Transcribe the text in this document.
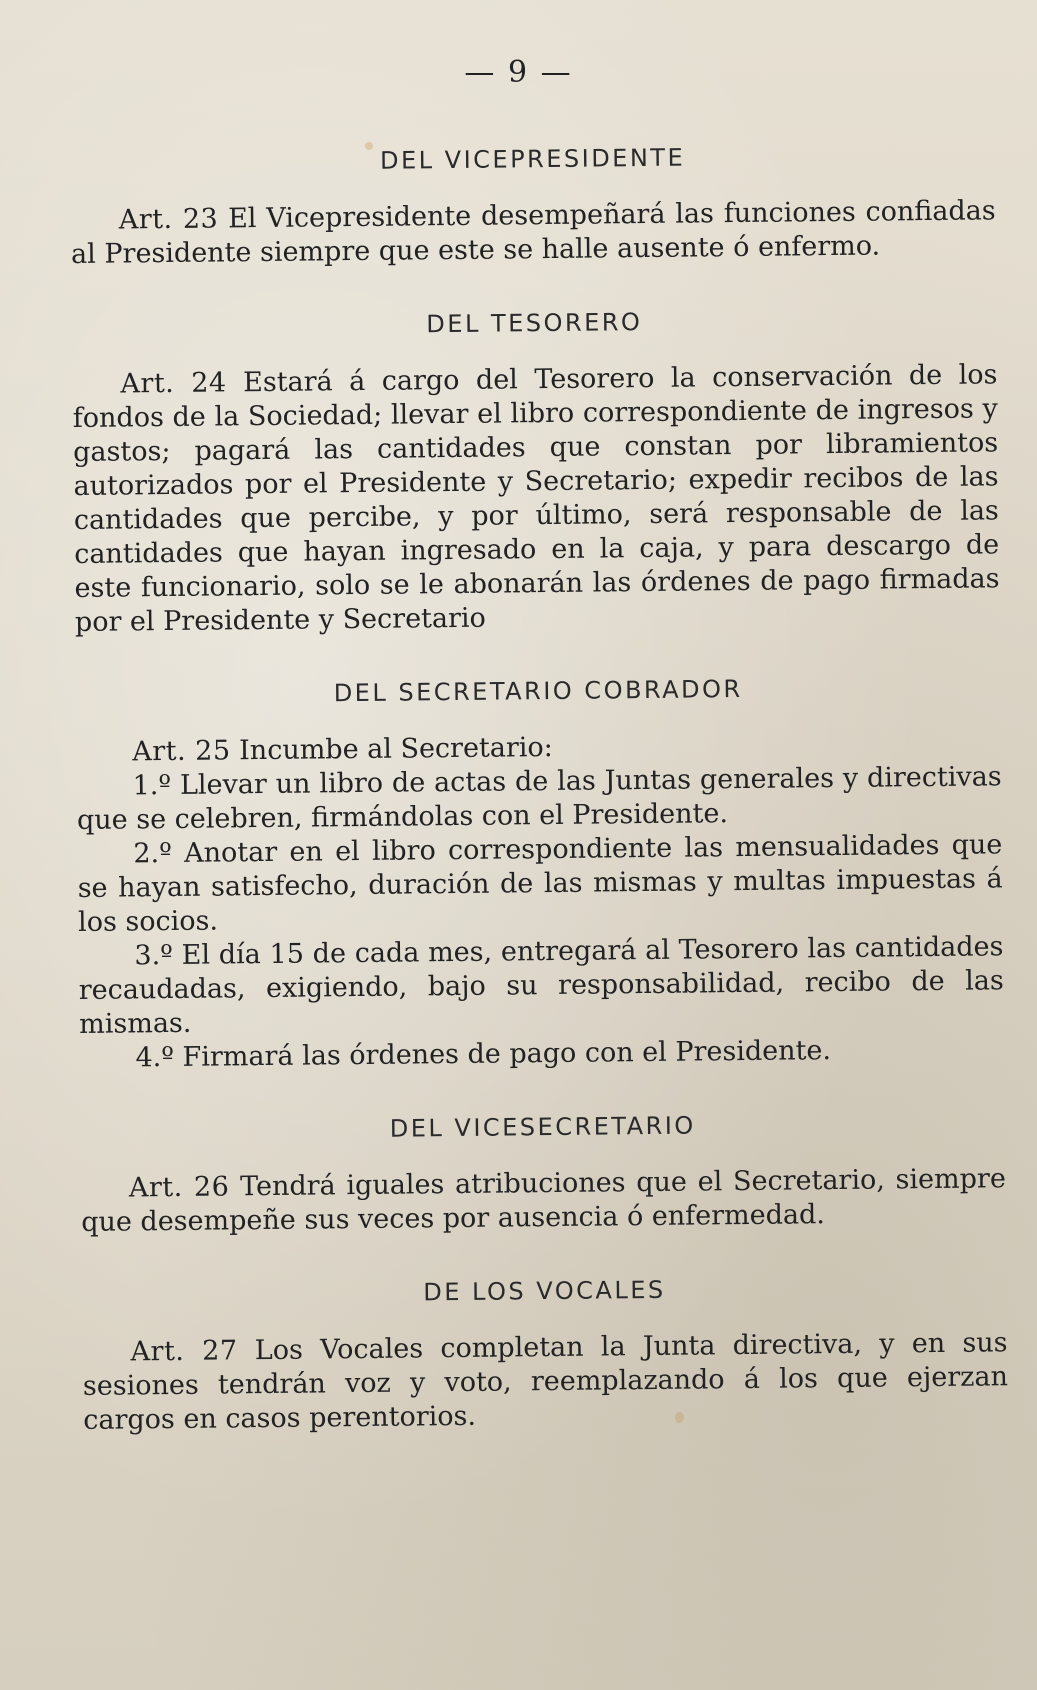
— 9 —
DEL VICEPRESIDENTE

Art. 23 El Vicepresidente desempeñará las funciones confiadas al Presidente siempre que este se halle ausente ó enfermo.

DEL TESORERO

Art. 24 Estará á cargo del Tesorero la conservación de los fondos de la Sociedad; llevar el libro correspondiente de ingresos y gastos; pagará las cantidades que constan por libramientos autorizados por el Presidente y Secretario; expedir recibos de las cantidades que percibe, y por último, será responsable de las cantidades que hayan ingresado en la caja, y para descargo de este funcionario, solo se le abonarán las órdenes de pago firmadas por el Presidente y Secretario

DEL SECRETARIO COBRADOR

Art. 25 Incumbe al Secretario:

1.º Llevar un libro de actas de las Juntas generales y directivas que se celebren, firmándolas con el Presidente.

2.º Anotar en el libro correspondiente las mensualidades que se hayan satisfecho, duración de las mismas y multas impuestas á los socios.

3.º El día 15 de cada mes, entregará al Tesorero las cantidades recaudadas, exigiendo, bajo su responsabilidad, recibo de las mismas.

4.º Firmará las órdenes de pago con el Presidente.

DEL VICESECRETARIO

Art. 26 Tendrá iguales atribuciones que el Secretario, siempre que desempeñe sus veces por ausencia ó enfermedad.

DE LOS VOCALES

Art. 27 Los Vocales completan la Junta directiva, y en sus sesiones tendrán voz y voto, reemplazando á los que ejerzan cargos en casos perentorios.
